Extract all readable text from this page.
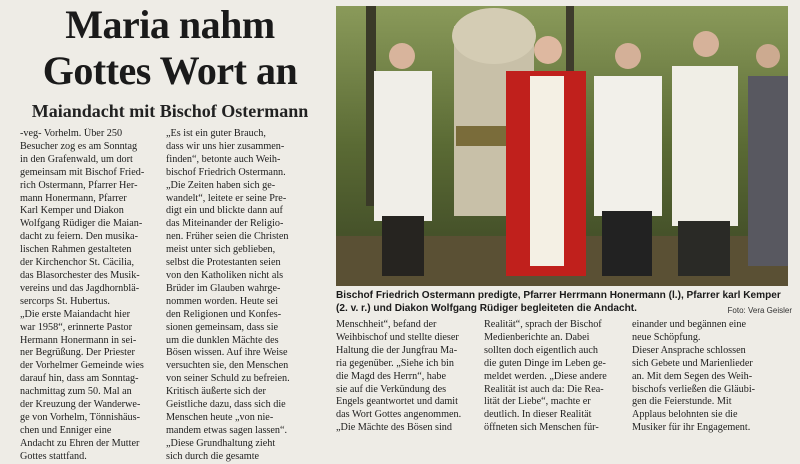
Maria nahm
Gottes Wort an
Maiandacht mit Bischof Ostermann
-veg- Vorhelm. Über 250
Besucher zog es am Sonntag
in den Grafenwald, um dort
gemeinsam mit Bischof Fried-
rich Ostermann, Pfarrer Her-
mann Honermann, Pfarrer
Karl Kemper und Diakon
Wolfgang Rüdiger die Maian-
dacht zu feiern. Den musika-
lischen Rahmen gestalteten
der Kirchenchor St. Cäcilia,
das Blasorchester des Musik-
vereins und das Jagdhornblä-
sercorps St. Hubertus.
„Die erste Maiandacht hier
war 1958“, erinnerte Pastor
Hermann Honermann in sei-
ner Begrüßung. Der Priester
der Vorhelmer Gemeinde wies
darauf hin, dass am Sonntag-
nachmittag zum 50. Mal an
der Kreuzung der Wanderwe-
ge von Vorhelm, Tönnishäus-
chen und Enniger eine
Andacht zu Ehren der Mutter
Gottes stattfand.
„Es ist ein guter Brauch,
dass wir uns hier zusammen-
finden“, betonte auch Weih-
bischof Friedrich Ostermann.
„Die Zeiten haben sich ge-
wandelt“, leitete er seine Pre-
digt ein und blickte dann auf
das Miteinander der Religio-
nen. Früher seien die Christen
meist unter sich geblieben,
selbst die Protestanten seien
von den Katholiken nicht als
Brüder im Glauben wahrge-
nommen worden. Heute sei
den Religionen und Konfes-
sionen gemeinsam, dass sie
um die dunklen Mächte des
Bösen wissen. Auf ihre Weise
versuchten sie, den Menschen
von seiner Schuld zu befreien.
Kritisch äußerte sich der
Geistliche dazu, dass sich die
Menschen heute „von nie-
mandem etwas sagen lassen“.
„Diese Grundhaltung zieht
sich durch die gesamte
Bischof Friedrich Ostermann predigte, Pfarrer Herrmann Honermann (l.), Pfarrer karl Kemper (2. v. r.) und Diakon Wolfgang Rüdiger begleiteten die Andacht.	Foto: Vera Geisler
Menschheit“, befand der
Weihbischof und stellte dieser
Haltung die der Jungfrau Ma-
ria gegenüber. „Siehe ich bin
die Magd des Herrn“, habe
sie auf die Verkündung des
Engels geantwortet und damit
das Wort Gottes angenommen.
„Die Mächte des Bösen sind
Realität“, sprach der Bischof
Medienberichte an. Dabei
sollten doch eigentlich auch
die guten Dinge im Leben ge-
meldet werden. „Diese andere
Realität ist auch da: Die Rea-
lität der Liebe“, machte er
deutlich. In dieser Realität
öffneten sich Menschen für-
einander und begännen eine
neue Schöpfung.
Dieser Ansprache schlossen
sich Gebete und Marienlieder
an. Mit dem Segen des Weih-
bischofs verließen die Gläubi-
gen die Feierstunde. Mit
Applaus belohnten sie die
Musiker für ihr Engagement.
